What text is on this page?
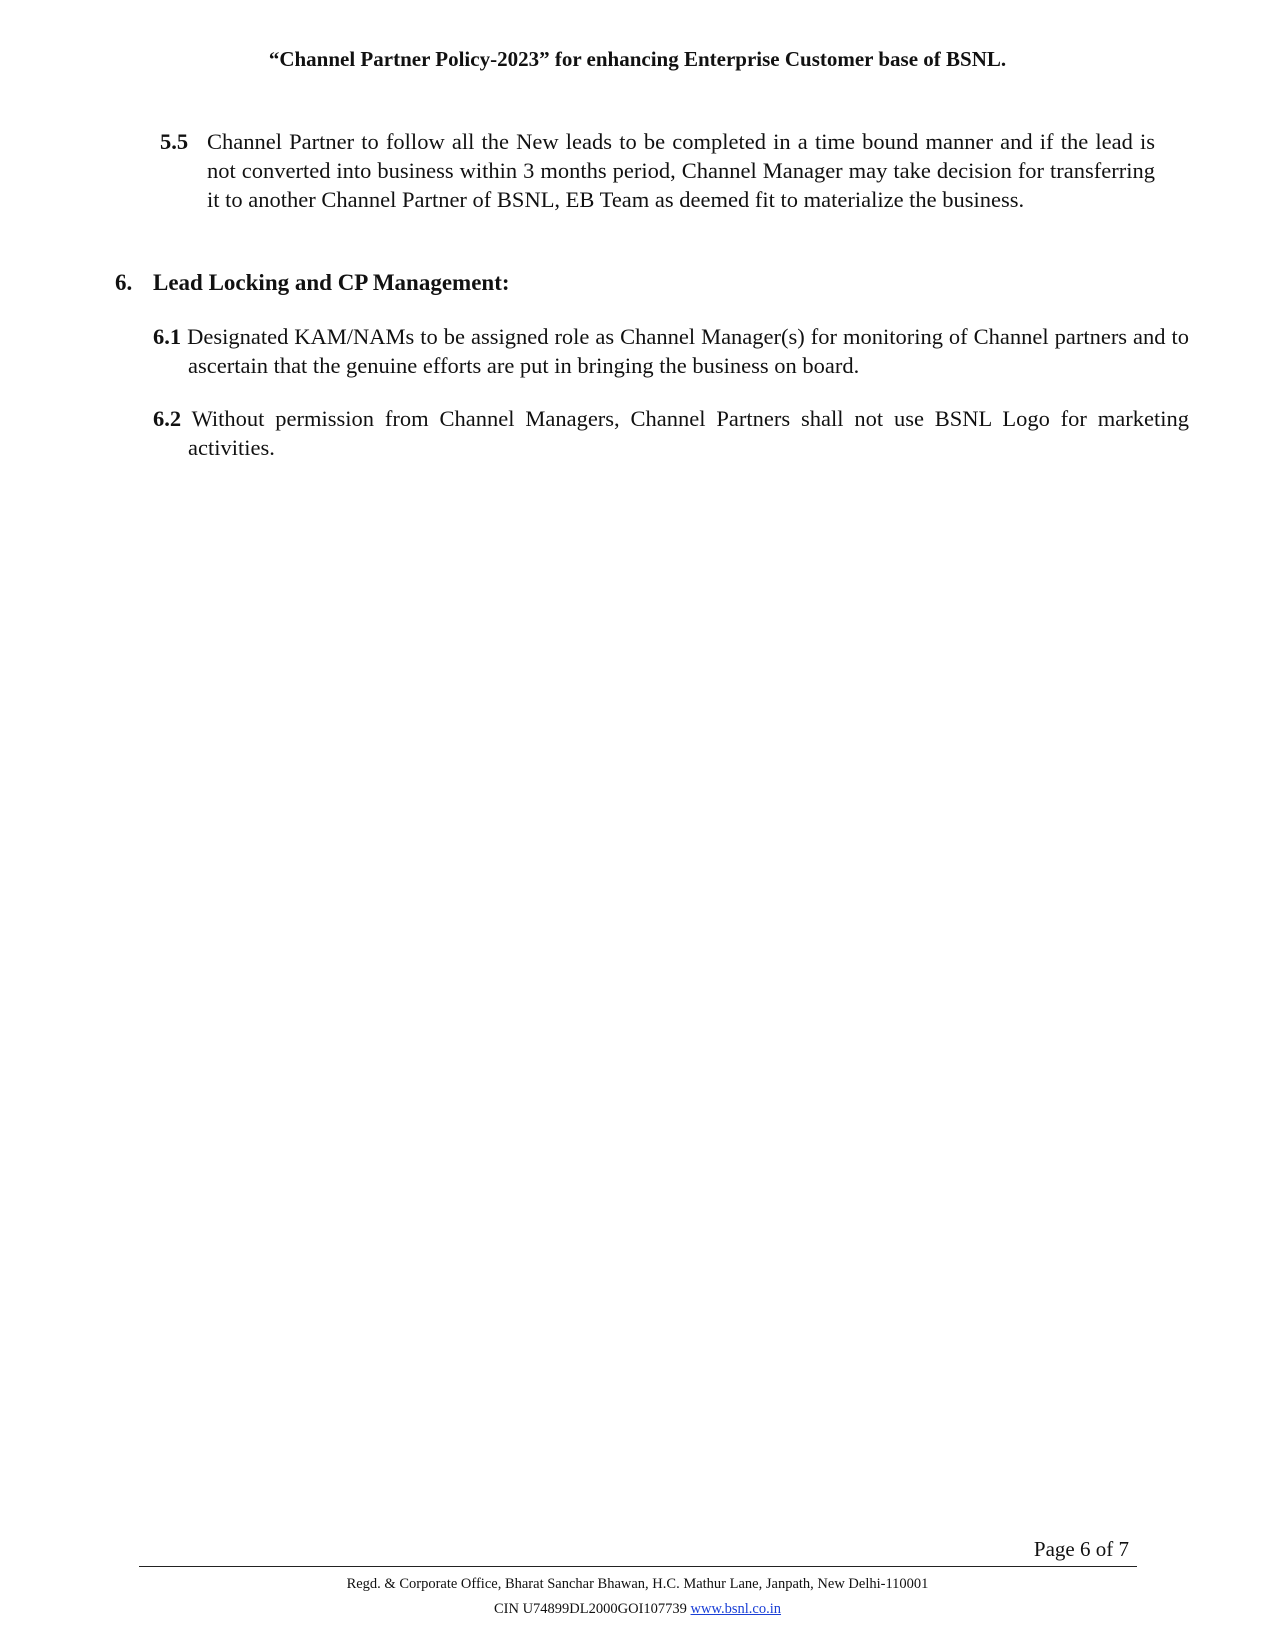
“Channel Partner Policy-2023” for enhancing Enterprise Customer base of BSNL.
5.5 Channel Partner to follow all the New leads to be completed in a time bound manner and if the lead is not converted into business within 3 months period, Channel Manager may take decision for transferring it to another Channel Partner of BSNL, EB Team as deemed fit to materialize the business.
6. Lead Locking and CP Management:
6.1 Designated KAM/NAMs to be assigned role as Channel Manager(s) for monitoring of Channel partners and to ascertain that the genuine efforts are put in bringing the business on board.
6.2 Without permission from Channel Managers, Channel Partners shall not use BSNL Logo for marketing activities.
Page 6 of 7
Regd. & Corporate Office, Bharat Sanchar Bhawan, H.C. Mathur Lane, Janpath, New Delhi-110001
CIN U74899DL2000GOI107739 www.bsnl.co.in
